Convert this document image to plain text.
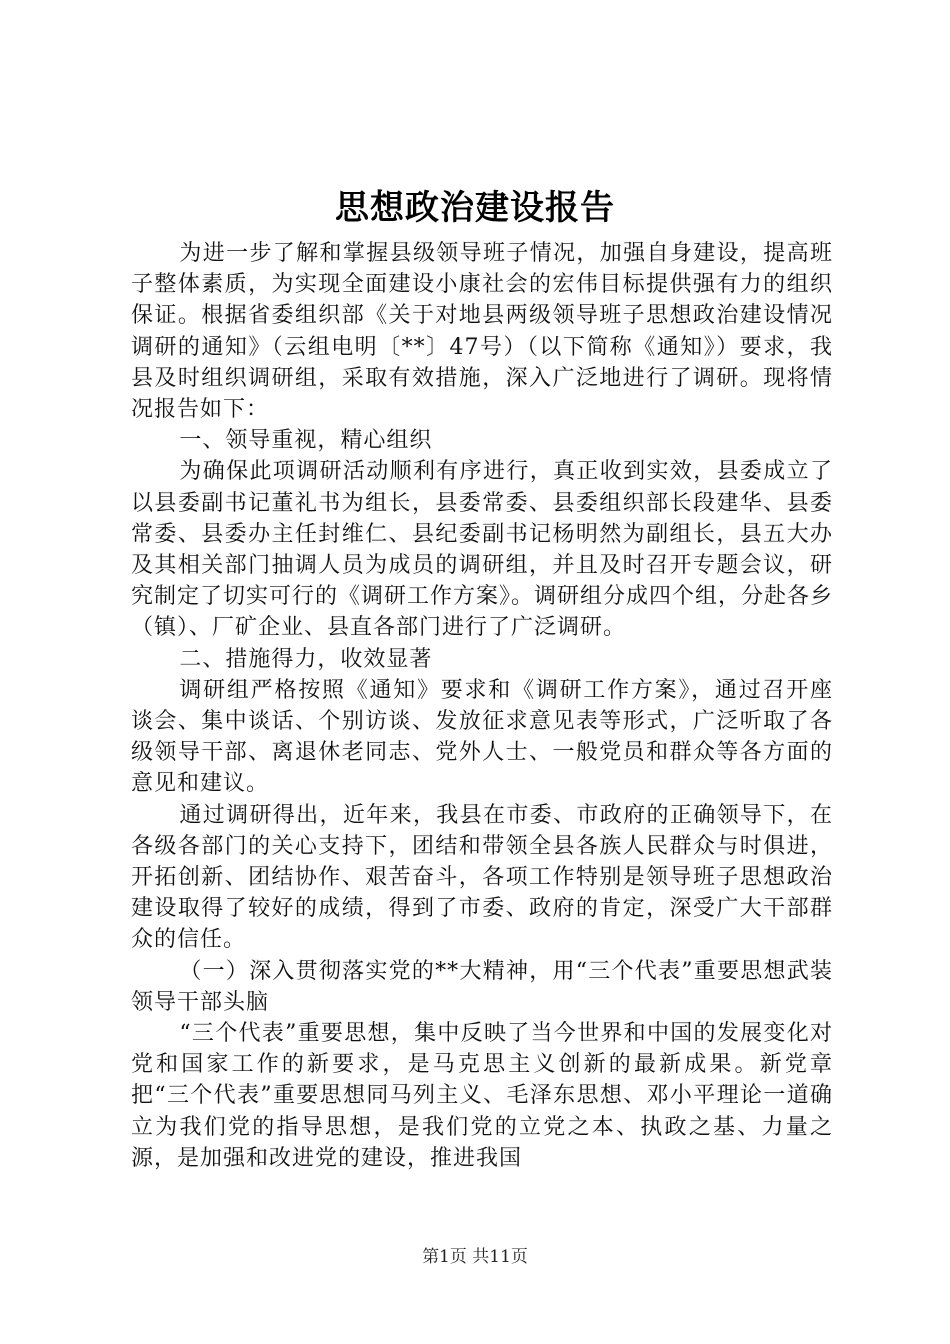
思想政治建设报告

为进一步了解和掌握县级领导班子情况，加强自身建设，提高班子整体素质，为实现全面建设小康社会的宏伟目标提供强有力的组织保证。根据省委组织部《关于对地县两级领导班子思想政治建设情况调研的通知》（云组电明〔**〕47号）（以下简称《通知》）要求，我县及时组织调研组，采取有效措施，深入广泛地进行了调研。现将情况报告如下：

一、领导重视，精心组织

为确保此项调研活动顺利有序进行，真正收到实效，县委成立了以县委副书记董礼书为组长，县委常委、县委组织部长段建华、县委常委、县委办主任封维仁、县纪委副书记杨明然为副组长，县五大办及其相关部门抽调人员为成员的调研组，并且及时召开专题会议，研究制定了切实可行的《调研工作方案》。调研组分成四个组，分赴各乡（镇）、厂矿企业、县直各部门进行了广泛调研。

二、措施得力，收效显著

调研组严格按照《通知》要求和《调研工作方案》，通过召开座谈会、集中谈话、个别访谈、发放征求意见表等形式，广泛听取了各级领导干部、离退休老同志、党外人士、一般党员和群众等各方面的意见和建议。

通过调研得出，近年来，我县在市委、市政府的正确领导下，在各级各部门的关心支持下，团结和带领全县各族人民群众与时俱进，开拓创新、团结协作、艰苦奋斗，各项工作特别是领导班子思想政治建设取得了较好的成绩，得到了市委、政府的肯定，深受广大干部群众的信任。

（一）深入贯彻落实党的**大精神，用“三个代表”重要思想武装领导干部头脑

“三个代表”重要思想，集中反映了当今世界和中国的发展变化对党和国家工作的新要求，是马克思主义创新的最新成果。新党章把“三个代表”重要思想同马列主义、毛泽东思想、邓小平理论一道确立为我们党的指导思想，是我们党的立党之本、执政之基、力量之源，是加强和改进党的建设，推进我国

第1页 共11页
